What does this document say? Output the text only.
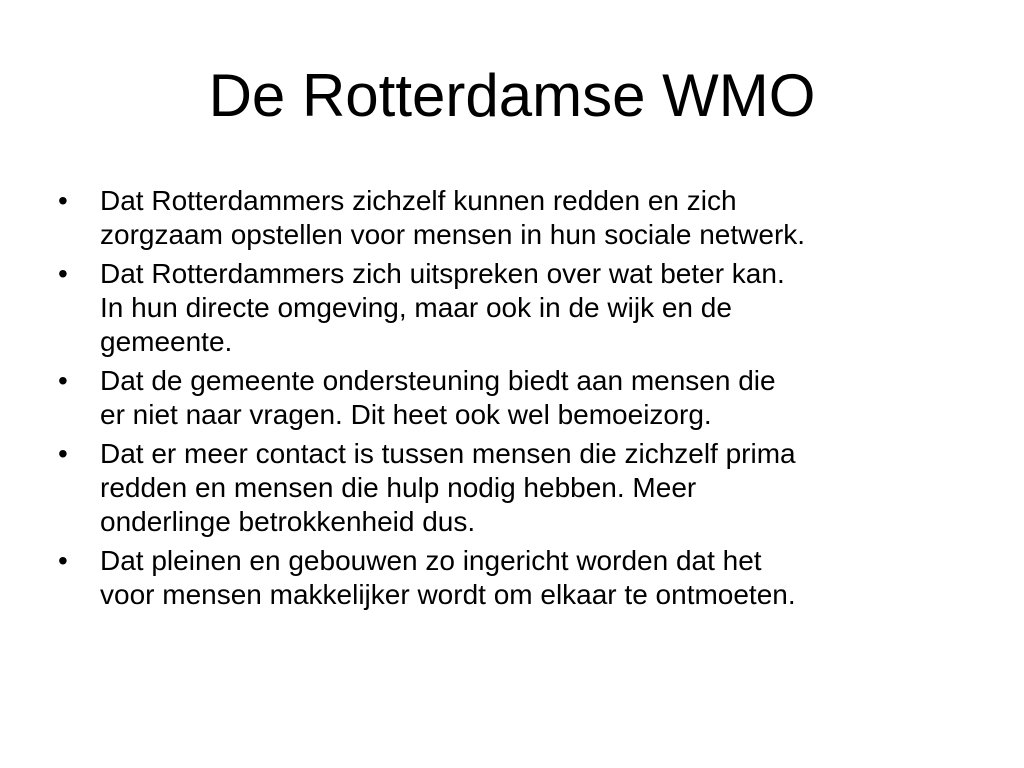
De Rotterdamse WMO
• Dat Rotterdammers zichzelf kunnen redden en zich
zorgzaam opstellen voor mensen in hun sociale netwerk.
• Dat Rotterdammers zich uitspreken over wat beter kan.
In hun directe omgeving, maar ook in de wijk en de
gemeente.
• Dat de gemeente ondersteuning biedt aan mensen die
er niet naar vragen. Dit heet ook wel bemoeizorg.
• Dat er meer contact is tussen mensen die zichzelf prima
redden en mensen die hulp nodig hebben. Meer
onderlinge betrokkenheid dus.
• Dat pleinen en gebouwen zo ingericht worden dat het
voor mensen makkelijker wordt om elkaar te ontmoeten.
